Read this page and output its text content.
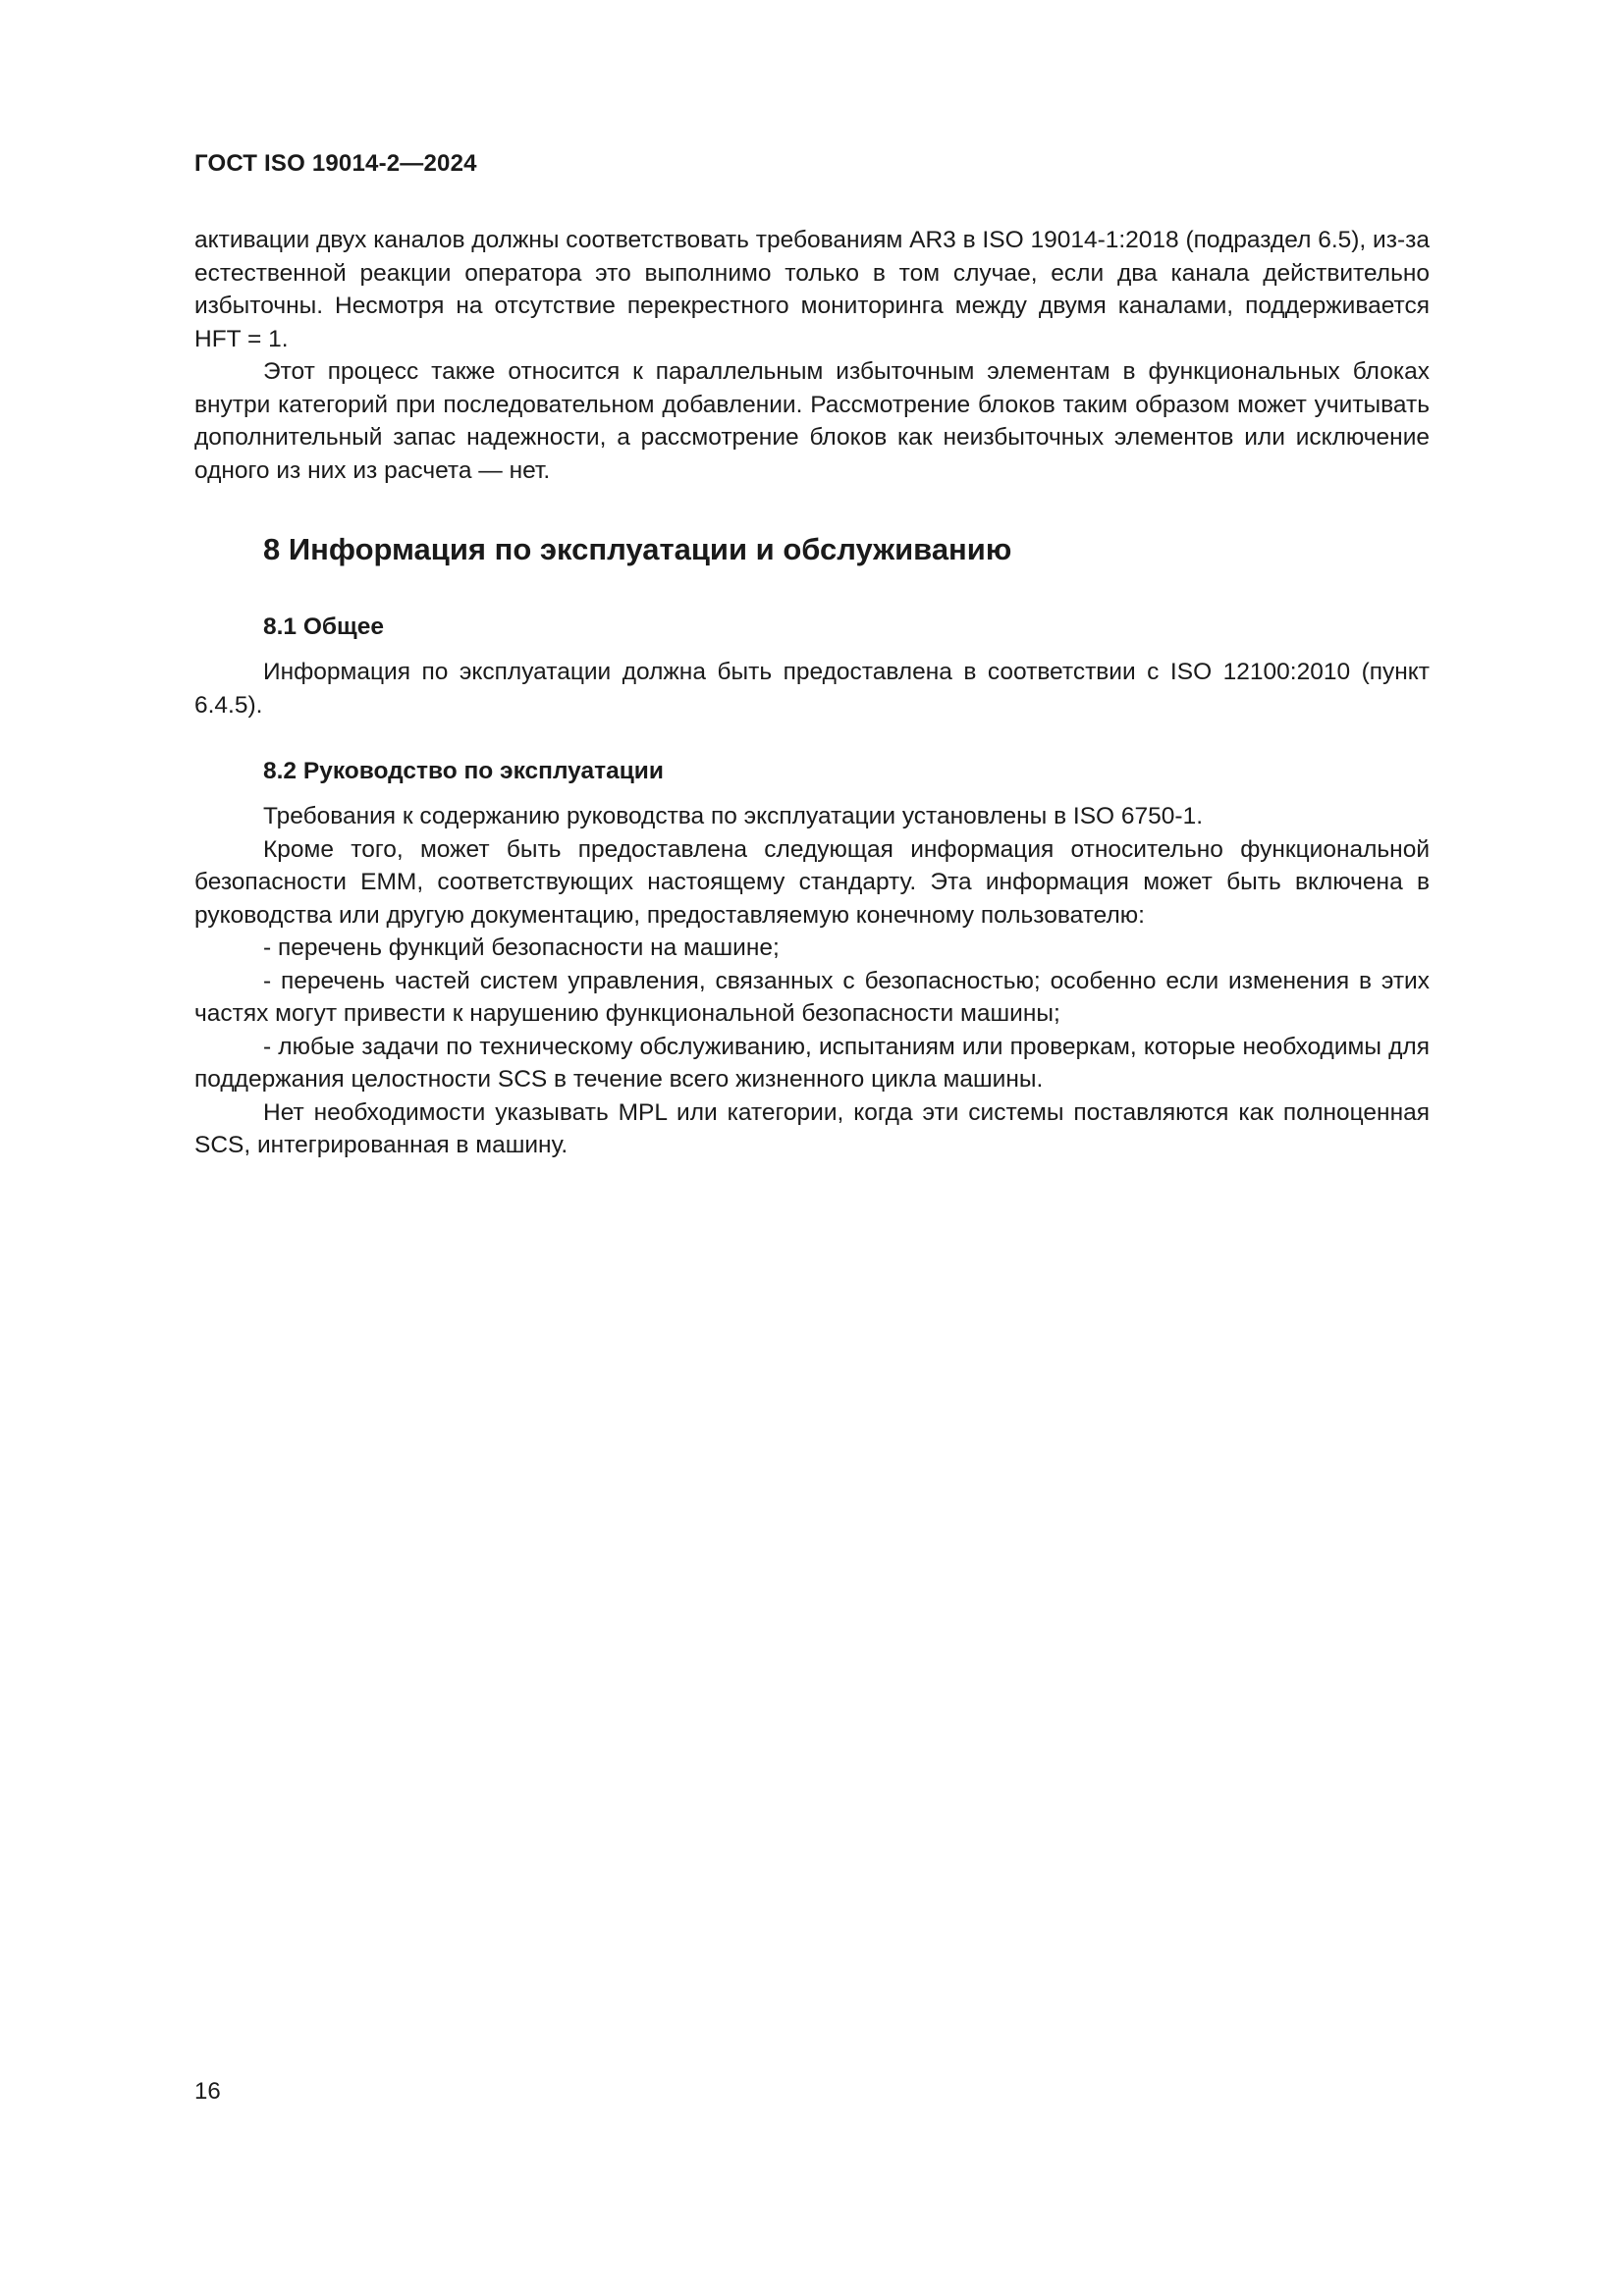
ГОСТ ISO 19014-2—2024

активации двух каналов должны соответствовать требованиям AR3 в ISO 19014-1:2018 (подраздел 6.5), из-за естественной реакции оператора это выполнимо только в том случае, если два канала действительно избыточны. Несмотря на отсутствие перекрестного мониторинга между двумя каналами, поддерживается HFT = 1.

Этот процесс также относится к параллельным избыточным элементам в функциональных блоках внутри категорий при последовательном добавлении. Рассмотрение блоков таким образом может учитывать дополнительный запас надежности, а рассмотрение блоков как неизбыточных элементов или исключение одного из них из расчета — нет.

8 Информация по эксплуатации и обслуживанию
8.1 Общее

Информация по эксплуатации должна быть предоставлена в соответствии с ISO 12100:2010 (пункт 6.4.5).

8.2 Руководство по эксплуатации

Требования к содержанию руководства по эксплуатации установлены в ISO 6750-1.

Кроме того, может быть предоставлена следующая информация относительно функциональной безопасности ЕММ, соответствующих настоящему стандарту. Эта информация может быть включена в руководства или другую документацию, предоставляемую конечному пользователю:

- перечень функций безопасности на машине;

- перечень частей систем управления, связанных с безопасностью; особенно если изменения в этих частях могут привести к нарушению функциональной безопасности машины;

- любые задачи по техническому обслуживанию, испытаниям или проверкам, которые необходимы для поддержания целостности SCS в течение всего жизненного цикла машины.

Нет необходимости указывать MPL или категории, когда эти системы поставляются как полноценная SCS, интегрированная в машину.

16
